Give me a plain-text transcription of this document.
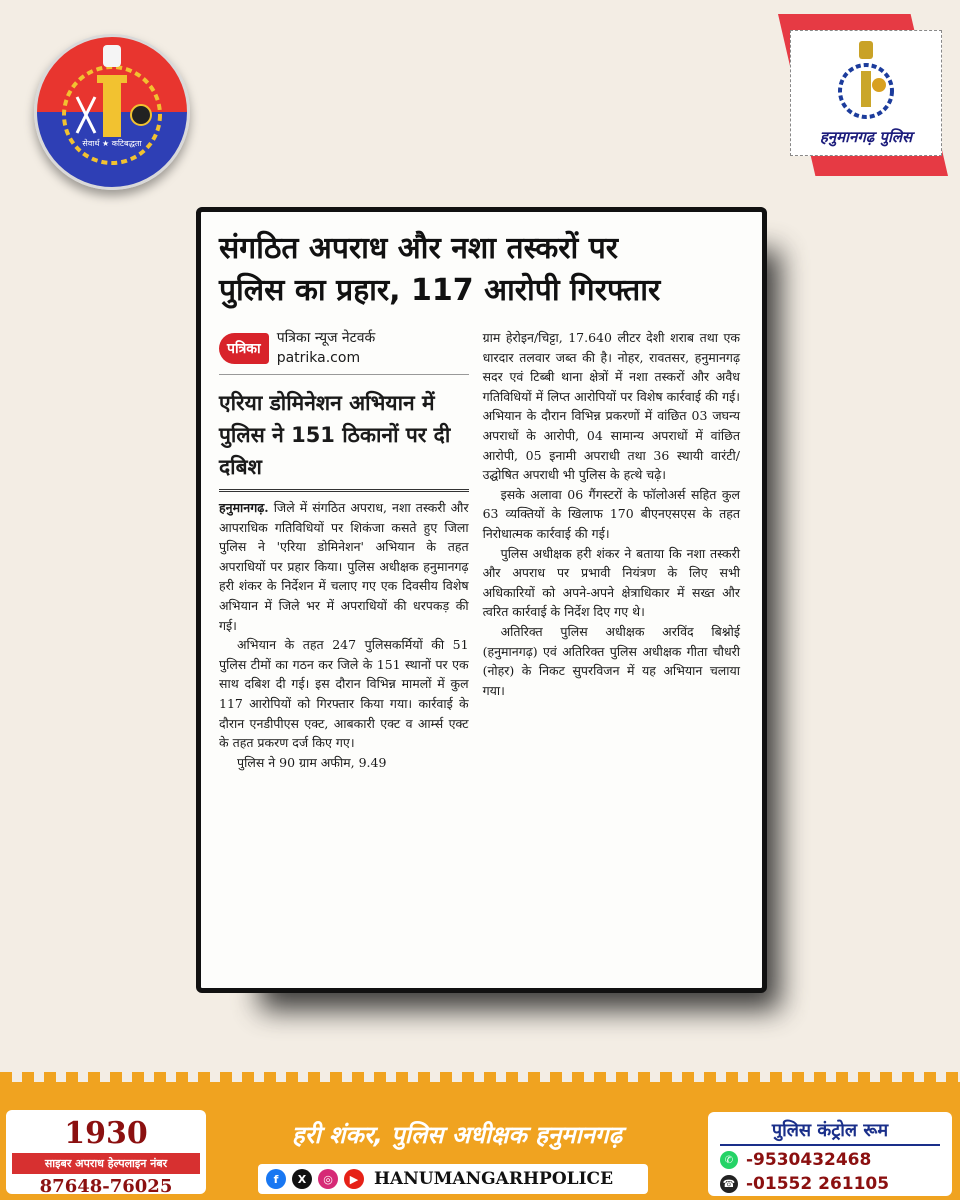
सेवार्थ ★ कटिबद्धता	हनुमानगढ़ पुलिस
संगठित अपराध और नशा तस्करों पर
पुलिस का प्रहार, 117 आरोपी गिरफ्तार
पत्रिका
पत्रिका न्यूज नेटवर्क
patrika.com
एरिया डोमिनेशन अभियान में पुलिस ने 151 ठिकानों पर दी दबिश

हनुमानगढ़. जिले में संगठित अपराध, नशा तस्करी और आपराधिक गतिविधियों पर शिकंजा कसते हुए जिला पुलिस ने 'एरिया डोमिनेशन' अभियान के तहत अपराधियों पर प्रहार किया। पुलिस अधीक्षक हनुमानगढ़ हरी शंकर के निर्देशन में चलाए गए एक दिवसीय विशेष अभियान में जिले भर में अपराधियों की धरपकड़ की गई।

अभियान के तहत 247 पुलिसकर्मियों की 51 पुलिस टीमों का गठन कर जिले के 151 स्थानों पर एक साथ दबिश दी गई। इस दौरान विभिन्न मामलों में कुल 117 आरोपियों को गिरफ्तार किया गया। कार्रवाई के दौरान एनडीपीएस एक्ट, आबकारी एक्ट व आर्म्स एक्ट के तहत प्रकरण दर्ज किए गए।

पुलिस ने 90 ग्राम अफीम, 9.49

ग्राम हेरोइन/चिट्टा, 17.640 लीटर देशी शराब तथा एक धारदार तलवार जब्त की है। नोहर, रावतसर, हनुमानगढ़ सदर एवं टिब्बी थाना क्षेत्रों में नशा तस्करों और अवैध गतिविधियों में लिप्त आरोपियों पर विशेष कार्रवाई की गई। अभियान के दौरान विभिन्न प्रकरणों में वांछित 03 जघन्य अपराधों के आरोपी, 04 सामान्य अपराधों में वांछित आरोपी, 05 इनामी अपराधी तथा 36 स्थायी वारंटी/उद्घोषित अपराधी भी पुलिस के हत्थे चढ़े।

इसके अलावा 06 गैंगस्टरों के फॉलोअर्स सहित कुल 63 व्यक्तियों के खिलाफ 170 बीएनएसएस के तहत निरोधात्मक कार्रवाई की गई।

पुलिस अधीक्षक हरी शंकर ने बताया कि नशा तस्करी और अपराध पर प्रभावी नियंत्रण के लिए सभी अधिकारियों को अपने-अपने क्षेत्राधिकार में सख्त और त्वरित कार्रवाई के निर्देश दिए गए थे।

अतिरिक्त पुलिस अधीक्षक अरविंद बिश्नोई (हनुमानगढ़) एवं अतिरिक्त पुलिस अधीक्षक गीता चौधरी (नोहर) के निकट सुपरविजन में यह अभियान चलाया गया।

1930
साइबर अपराध हेल्पलाइन नंबर
87648-76025
हरी शंकर, पुलिस अधीक्षक हनुमानगढ़
f	X	◎	▶ HANUMANGARHPOLICE
पुलिस कंट्रोल रूम
✆ -9530432468
☎ -01552 261105
